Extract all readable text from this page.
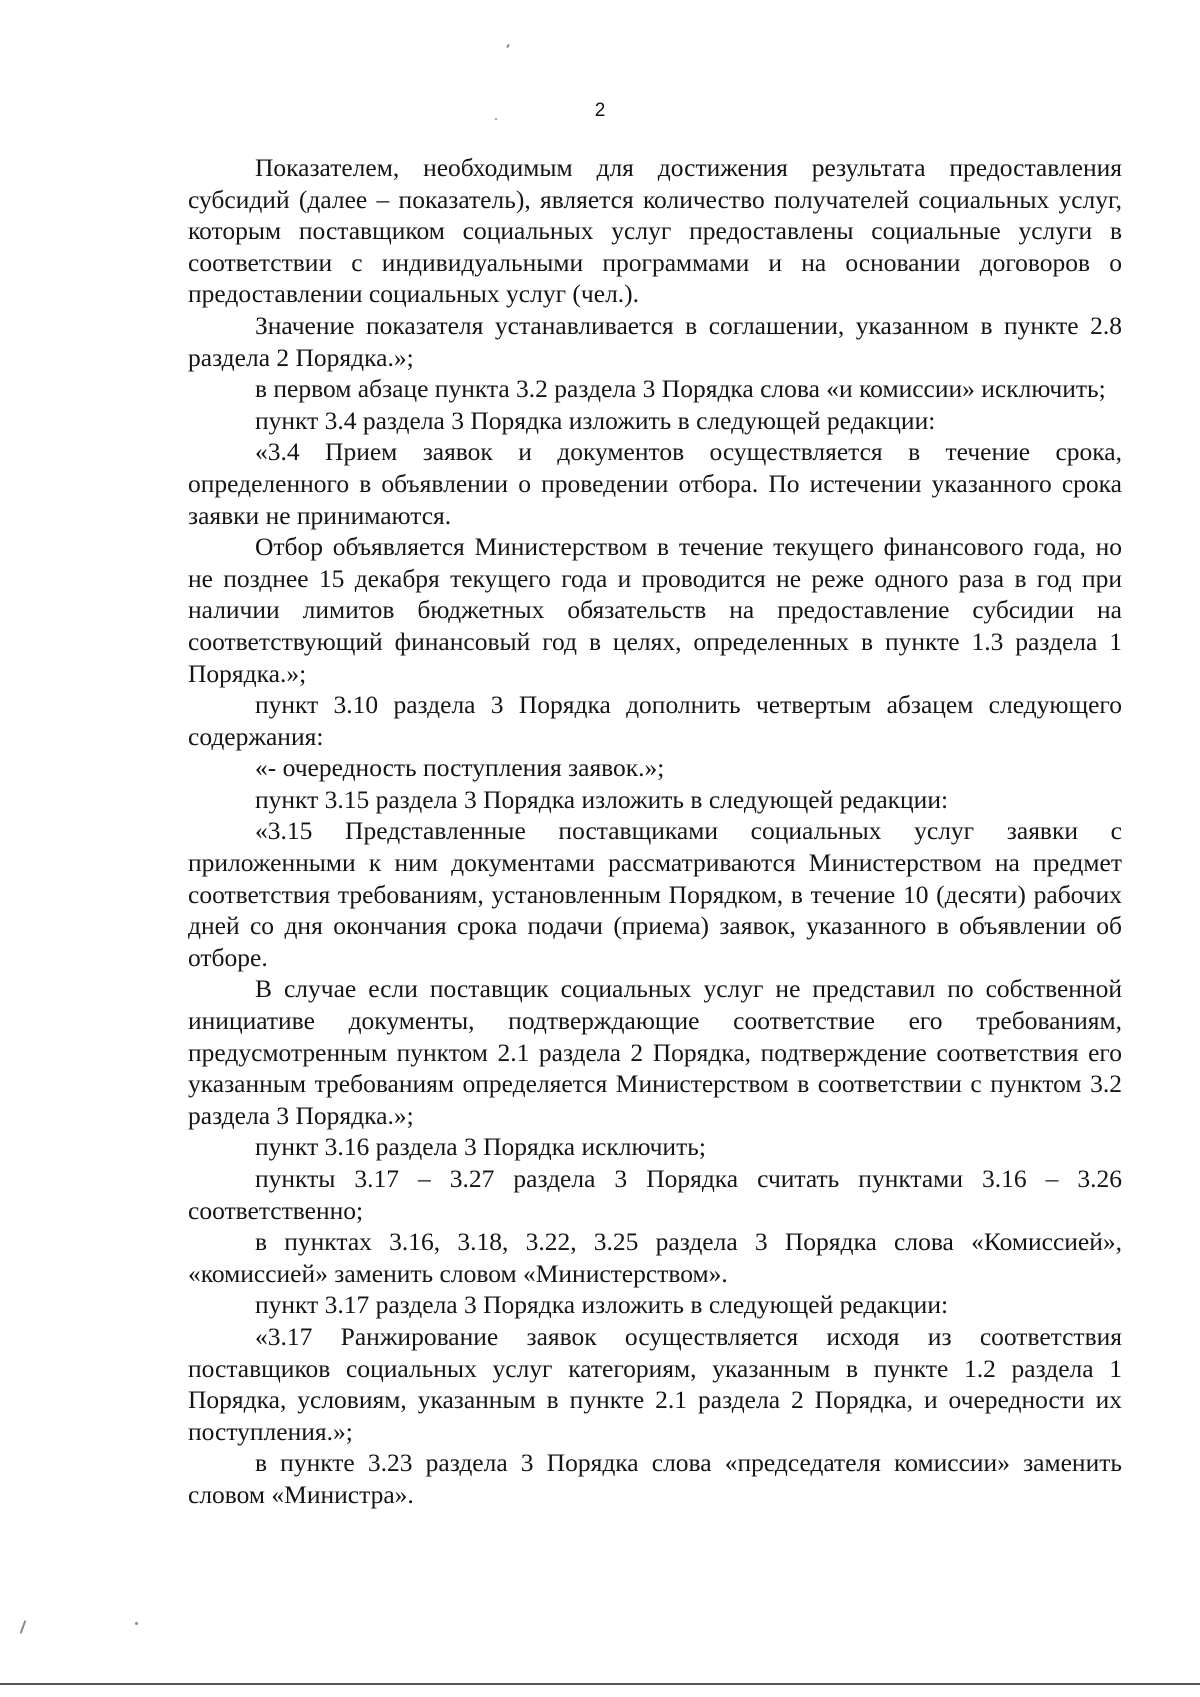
2

Показателем, необходимым для достижения результата предоставления субсидий (далее – показатель), является количество получателей социальных услуг, которым поставщиком социальных услуг предоставлены социальные услуги в соответствии с индивидуальными программами и на основании договоров о предоставлении социальных услуг (чел.).

Значение показателя устанавливается в соглашении, указанном в пункте 2.8 раздела 2 Порядка.»;

в первом абзаце пункта 3.2 раздела 3 Порядка слова «и комиссии» исключить;

пункт 3.4 раздела 3 Порядка изложить в следующей редакции:

«3.4 Прием заявок и документов осуществляется в течение срока, определенного в объявлении о проведении отбора. По истечении указанного срока заявки не принимаются.

Отбор объявляется Министерством в течение текущего финансового года, но не позднее 15 декабря текущего года и проводится не реже одного раза в год при наличии лимитов бюджетных обязательств на предоставление субсидии на соответствующий финансовый год в целях, определенных в пункте 1.3 раздела 1 Порядка.»;

пункт 3.10 раздела 3 Порядка дополнить четвертым абзацем следующего содержания:

«- очередность поступления заявок.»;

пункт 3.15 раздела 3 Порядка изложить в следующей редакции:

«3.15 Представленные поставщиками социальных услуг заявки с приложенными к ним документами рассматриваются Министерством на предмет соответствия требованиям, установленным Порядком, в течение 10 (десяти) рабочих дней со дня окончания срока подачи (приема) заявок, указанного в объявлении об отборе.

В случае если поставщик социальных услуг не представил по собственной инициативе документы, подтверждающие соответствие его требованиям, предусмотренным пунктом 2.1 раздела 2 Порядка, подтверждение соответствия его указанным требованиям определяется Министерством в соответствии с пунктом 3.2 раздела 3 Порядка.»;

пункт 3.16 раздела 3 Порядка исключить;

пункты 3.17 – 3.27 раздела 3 Порядка считать пунктами 3.16 – 3.26 соответственно;

в пунктах 3.16, 3.18, 3.22, 3.25 раздела 3 Порядка слова «Комиссией», «комиссией» заменить словом «Министерством».

пункт 3.17 раздела 3 Порядка изложить в следующей редакции:

«3.17 Ранжирование заявок осуществляется исходя из соответствия поставщиков социальных услуг категориям, указанным в пункте 1.2 раздела 1 Порядка, условиям, указанным в пункте 2.1 раздела 2 Порядка, и очередности их поступления.»;

в пункте 3.23 раздела 3 Порядка слова «председателя комиссии» заменить словом «Министра».
